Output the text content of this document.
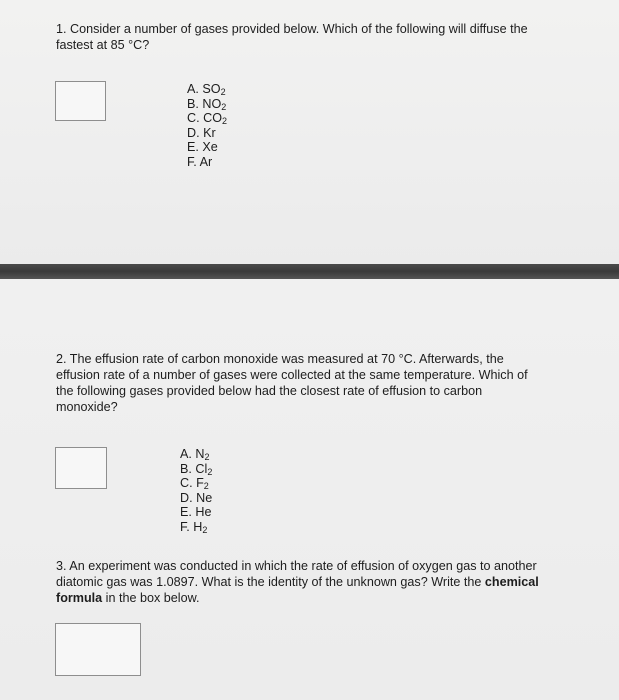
1. Consider a number of gases provided below. Which of the following will diffuse the fastest at 85 °C?

A. $SO_2$
B. $NO_2$
C. $CO_2$
D. Kr
E. Xe
F. Ar

2. The effusion rate of carbon monoxide was measured at 70 °C. Afterwards, the effusion rate of a number of gases were collected at the same temperature. Which of the following gases provided below had the closest rate of effusion to carbon monoxide?

A. $N_2$
B. $Cl_2$
C. $F_2$
D. Ne
E. He
F. $H_2$

3. An experiment was conducted in which the rate of effusion of oxygen gas to another diatomic gas was 1.0897. What is the identity of the unknown gas? Write the chemical formula in the box below.
